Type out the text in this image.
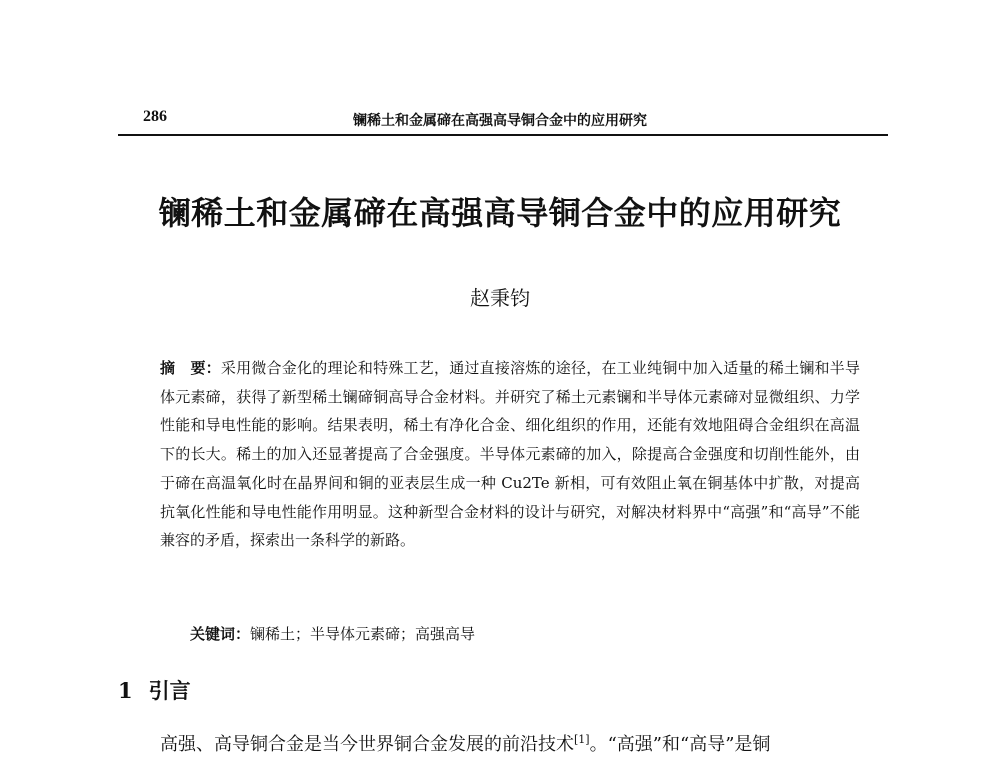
286	镧稀土和金属碲在高强高导铜合金中的应用研究
镧稀土和金属碲在高强高导铜合金中的应用研究
赵秉钧
摘　要：采用微合金化的理论和特殊工艺，通过直接溶炼的途径，在工业纯铜中加入适量的稀土镧和半导体元素碲，获得了新型稀土镧碲铜高导合金材料。并研究了稀土元素镧和半导体元素碲对显微组织、力学性能和导电性能的影响。结果表明，稀土有净化合金、细化组织的作用，还能有效地阻碍合金组织在高温下的长大。稀土的加入还显著提高了合金强度。半导体元素碲的加入，除提高合金强度和切削性能外，由于碲在高温氧化时在晶界间和铜的亚表层生成一种 Cu2Te 新相，可有效阻止氧在铜基体中扩散，对提高抗氧化性能和导电性能作用明显。这种新型合金材料的设计与研究，对解决材料界中“高强”和“高导”不能兼容的矛盾，探索出一条科学的新路。
关键词：镧稀土；半导体元素碲；高强高导
1 引言
高强、高导铜合金是当今世界铜合金发展的前沿技术[1]。“高强”和“高导”是铜
